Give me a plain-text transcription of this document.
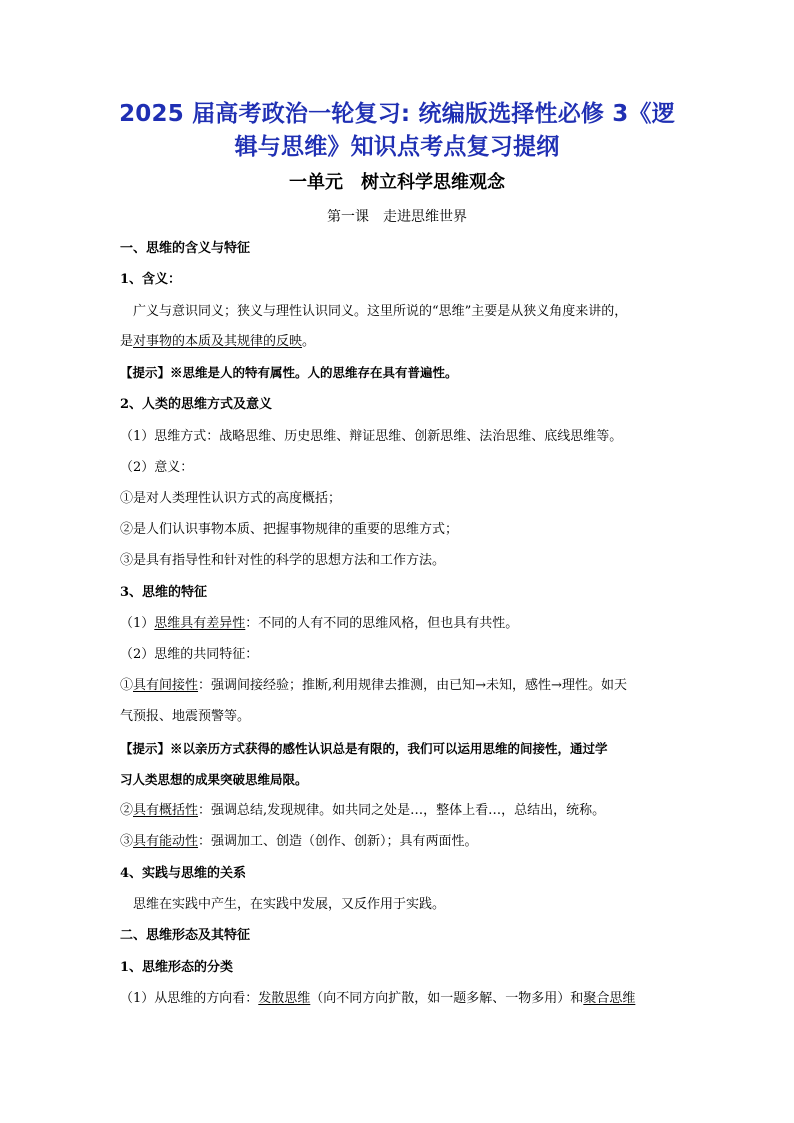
2025 届高考政治一轮复习: 统编版选择性必修 3《逻
辑与思维》知识点考点复习提纲
一单元　树立科学思维观念
第一课　走进思维世界
一、思维的含义与特征
1、含义：
广义与意识同义；狭义与理性认识同义。这里所说的“思维”主要是从狭义角度来讲的，
是对事物的本质及其规律的反映。
【提示】※思维是人的特有属性。人的思维存在具有普遍性。
2、人类的思维方式及意义
（1）思维方式：战略思维、历史思维、辩证思维、创新思维、法治思维、底线思维等。
（2）意义：
①是对人类理性认识方式的高度概括；
②是人们认识事物本质、把握事物规律的重要的思维方式；
③是具有指导性和针对性的科学的思想方法和工作方法。
3、思维的特征
（1）思维具有差异性：不同的人有不同的思维风格，但也具有共性。
（2）思维的共同特征：
①具有间接性：强调间接经验；推断,利用规律去推测，由已知→未知，感性→理性。如天
气预报、地震预警等。
【提示】※以亲历方式获得的感性认识总是有限的，我们可以运用思维的间接性，通过学
习人类思想的成果突破思维局限。
②具有概括性：强调总结,发现规律。如共同之处是…，整体上看…，总结出，统称。
③具有能动性：强调加工、创造（创作、创新）；具有两面性。
4、实践与思维的关系
思维在实践中产生，在实践中发展，又反作用于实践。
二、思维形态及其特征
1、思维形态的分类
（1）从思维的方向看：发散思维（向不同方向扩散，如一题多解、一物多用）和聚合思维
